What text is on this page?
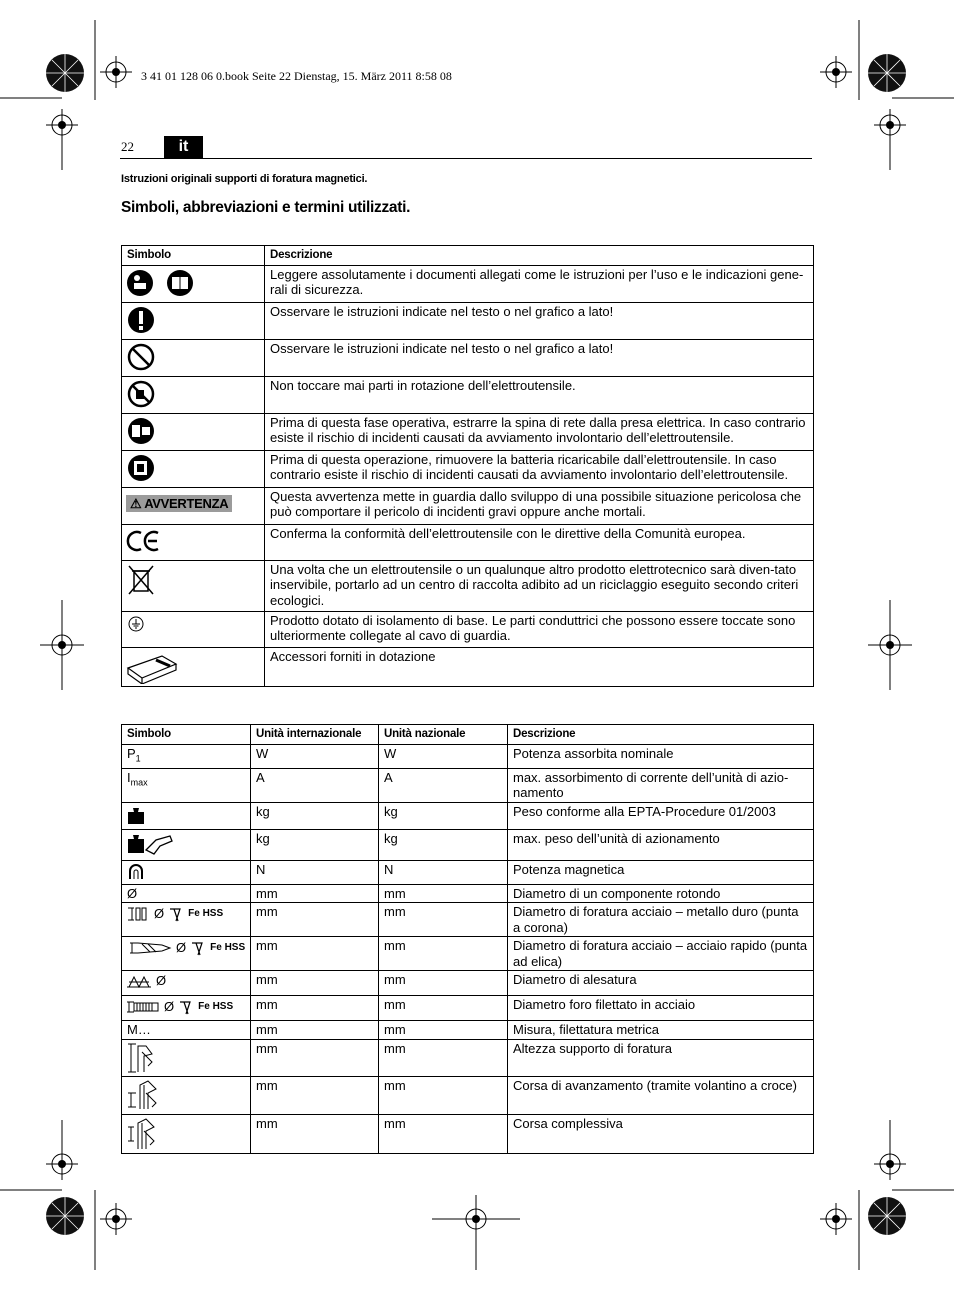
3 41 01 128 06 0.book Seite 22 Dienstag, 15. März 2011 8:58 08
22	it
Istruzioni originali supporti di foratura magnetici.
Simboli, abbreviazioni e termini utilizzati.
Simbolo	Descrizione

	Leggere assolutamente i documenti allegati come le istruzioni per l’uso e le indicazioni gene-rali di sicurezza.

	Osservare le istruzioni indicate nel testo o nel grafico a lato!

	Osservare le istruzioni indicate nel testo o nel grafico a lato!

	Non toccare mai parti in rotazione dell’elettroutensile.

	Prima di questa fase operativa, estrarre la spina di rete dalla presa elettrica. In caso contrario esiste il rischio di incidenti causati da avviamento involontario dell’elettroutensile.

	Prima di questa operazione, rimuovere la batteria ricaricabile dall’elettroutensile. In caso contrario esiste il rischio di incidenti causati da avviamento involontario dell’elettroutensile.
⚠ AVVERTENZA	Questa avvertenza mette in guardia dallo sviluppo di una possibile situazione pericolosa che può comportare il pericolo di incidenti gravi oppure anche mortali.

	Conferma la conformità dell’elettroutensile con le direttive della Comunità europea.

	Una volta che un elettroutensile o un qualunque altro prodotto elettrotecnico sarà diven-tato inservibile, portarlo ad un centro di raccolta adibito ad un riciclaggio eseguito secondo criteri ecologici.

	Prodotto dotato di isolamento di base. Le parti conduttrici che possono essere toccate sono ulteriormente collegate al cavo di guardia.

	Accessori forniti in dotazione
Simbolo	Unità internazionale	Unità nazionale	Descrizione
$P_1$	W	W	Potenza assorbita nominale
$I_{max}$	A	A	max. assorbimento di corrente dell’unità di azio-namento

	kg	kg	Peso conforme alla EPTA-Procedure 01/2003

	kg	kg	max. peso dell’unità di azionamento

	N	N	Potenza magnetica
Ø	mm	mm	Diametro di un componente rotondo

Ø Fe HSS	mm	mm	Diametro di foratura acciaio – metallo duro (punta a corona)

Ø Fe HSS	mm	mm	Diametro di foratura acciaio – acciaio rapido (punta ad elica)

Ø	mm	mm	Diametro di alesatura

Ø Fe HSS	mm	mm	Diametro foro filettato in acciaio
M…	mm	mm	Misura, filettatura metrica

	mm	mm	Altezza supporto di foratura

	mm	mm	Corsa di avanzamento (tramite volantino a croce)

	mm	mm	Corsa complessiva
